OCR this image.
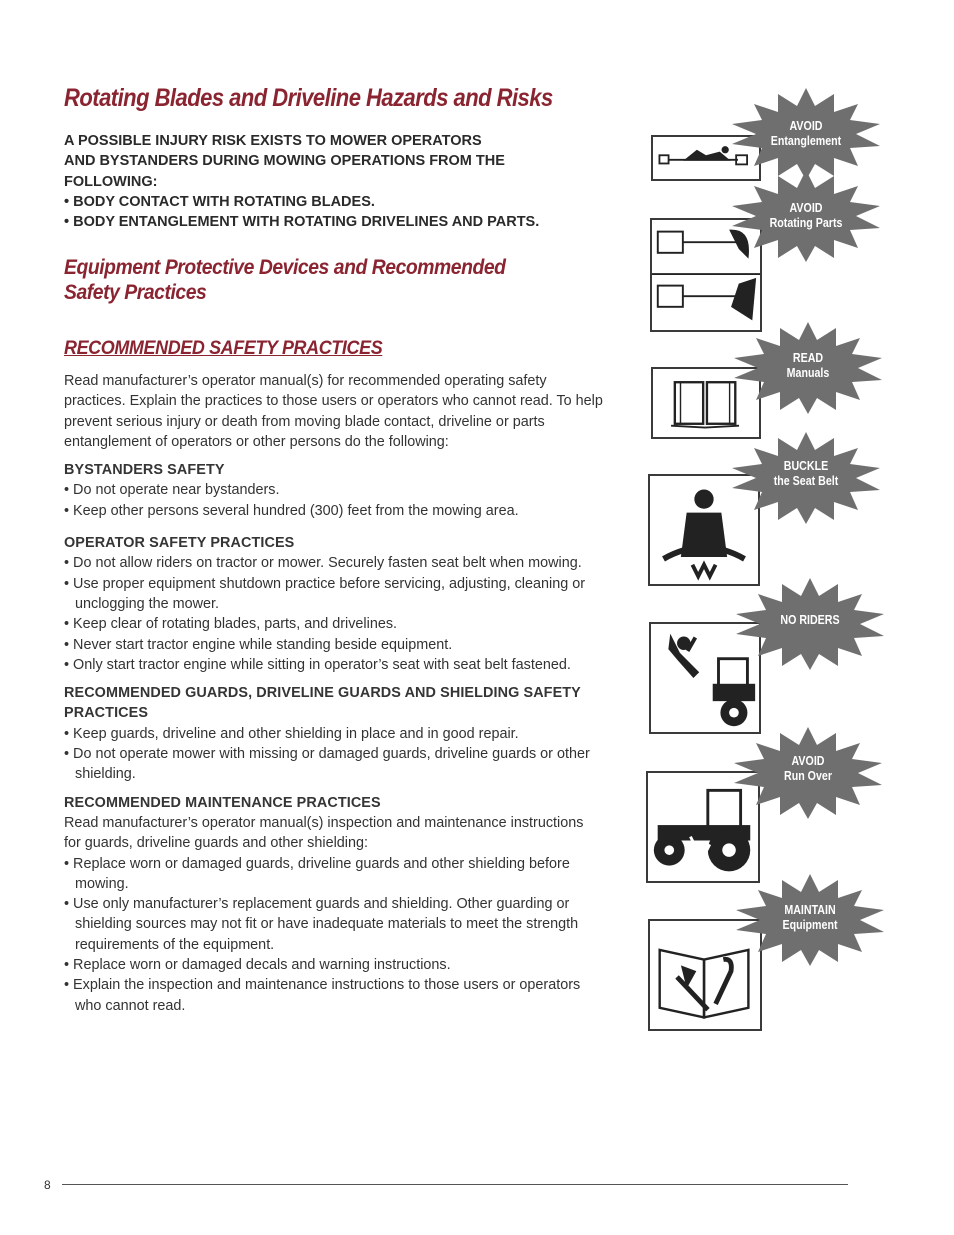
Rotating Blades and Driveline Hazards and Risks
A POSSIBLE INJURY RISK EXISTS TO MOWER OPERATORS
AND BYSTANDERS DURING MOWING OPERATIONS FROM THE
FOLLOWING:
• BODY CONTACT WITH ROTATING BLADES.
• BODY ENTANGLEMENT WITH ROTATING DRIVELINES AND PARTS.
Equipment Protective Devices and Recommended Safety Practices
RECOMMENDED SAFETY PRACTICES

Read manufacturer’s operator manual(s) for recommended operating safety practices. Explain the practices to those users or operators who cannot read. To help prevent serious injury or death from moving blade contact, driveline or parts entanglement of operators or other persons do the following:

BYSTANDERS SAFETY
• Do not operate near bystanders.
• Keep other persons several hundred (300) feet from the mowing area.
OPERATOR SAFETY PRACTICES
• Do not allow riders on tractor or mower. Securely fasten seat belt when mowing.
• Use proper equipment shutdown practice before servicing, adjusting, cleaning or unclogging the mower.
• Keep clear of rotating blades, parts, and drivelines.
• Never start tractor engine while standing beside equipment.
• Only start tractor engine while sitting in operator’s seat with seat belt fastened.
RECOMMENDED GUARDS, DRIVELINE GUARDS AND SHIELDING SAFETY PRACTICES
• Keep guards, driveline and other shielding in place and in good repair.
• Do not operate mower with missing or damaged guards, driveline guards or other shielding.
RECOMMENDED MAINTENANCE PRACTICES

Read manufacturer’s operator manual(s) inspection and maintenance instructions for guards, driveline guards and other shielding:

• Replace worn or damaged guards, driveline guards and other shielding before mowing.
• Use only manufacturer’s replacement guards and shielding. Other guarding or shielding sources may not fit or have inadequate materials to meet the strength requirements of the equipment.
• Replace worn or damaged decals and warning instructions.
• Explain the inspection and maintenance instructions to those users or operators who cannot read.
AVOID
Entanglement
AVOID
Rotating Parts
READ
Manuals
BUCKLE
the Seat Belt
NO RIDERS
AVOID
Run Over
MAINTAIN
Equipment
8
